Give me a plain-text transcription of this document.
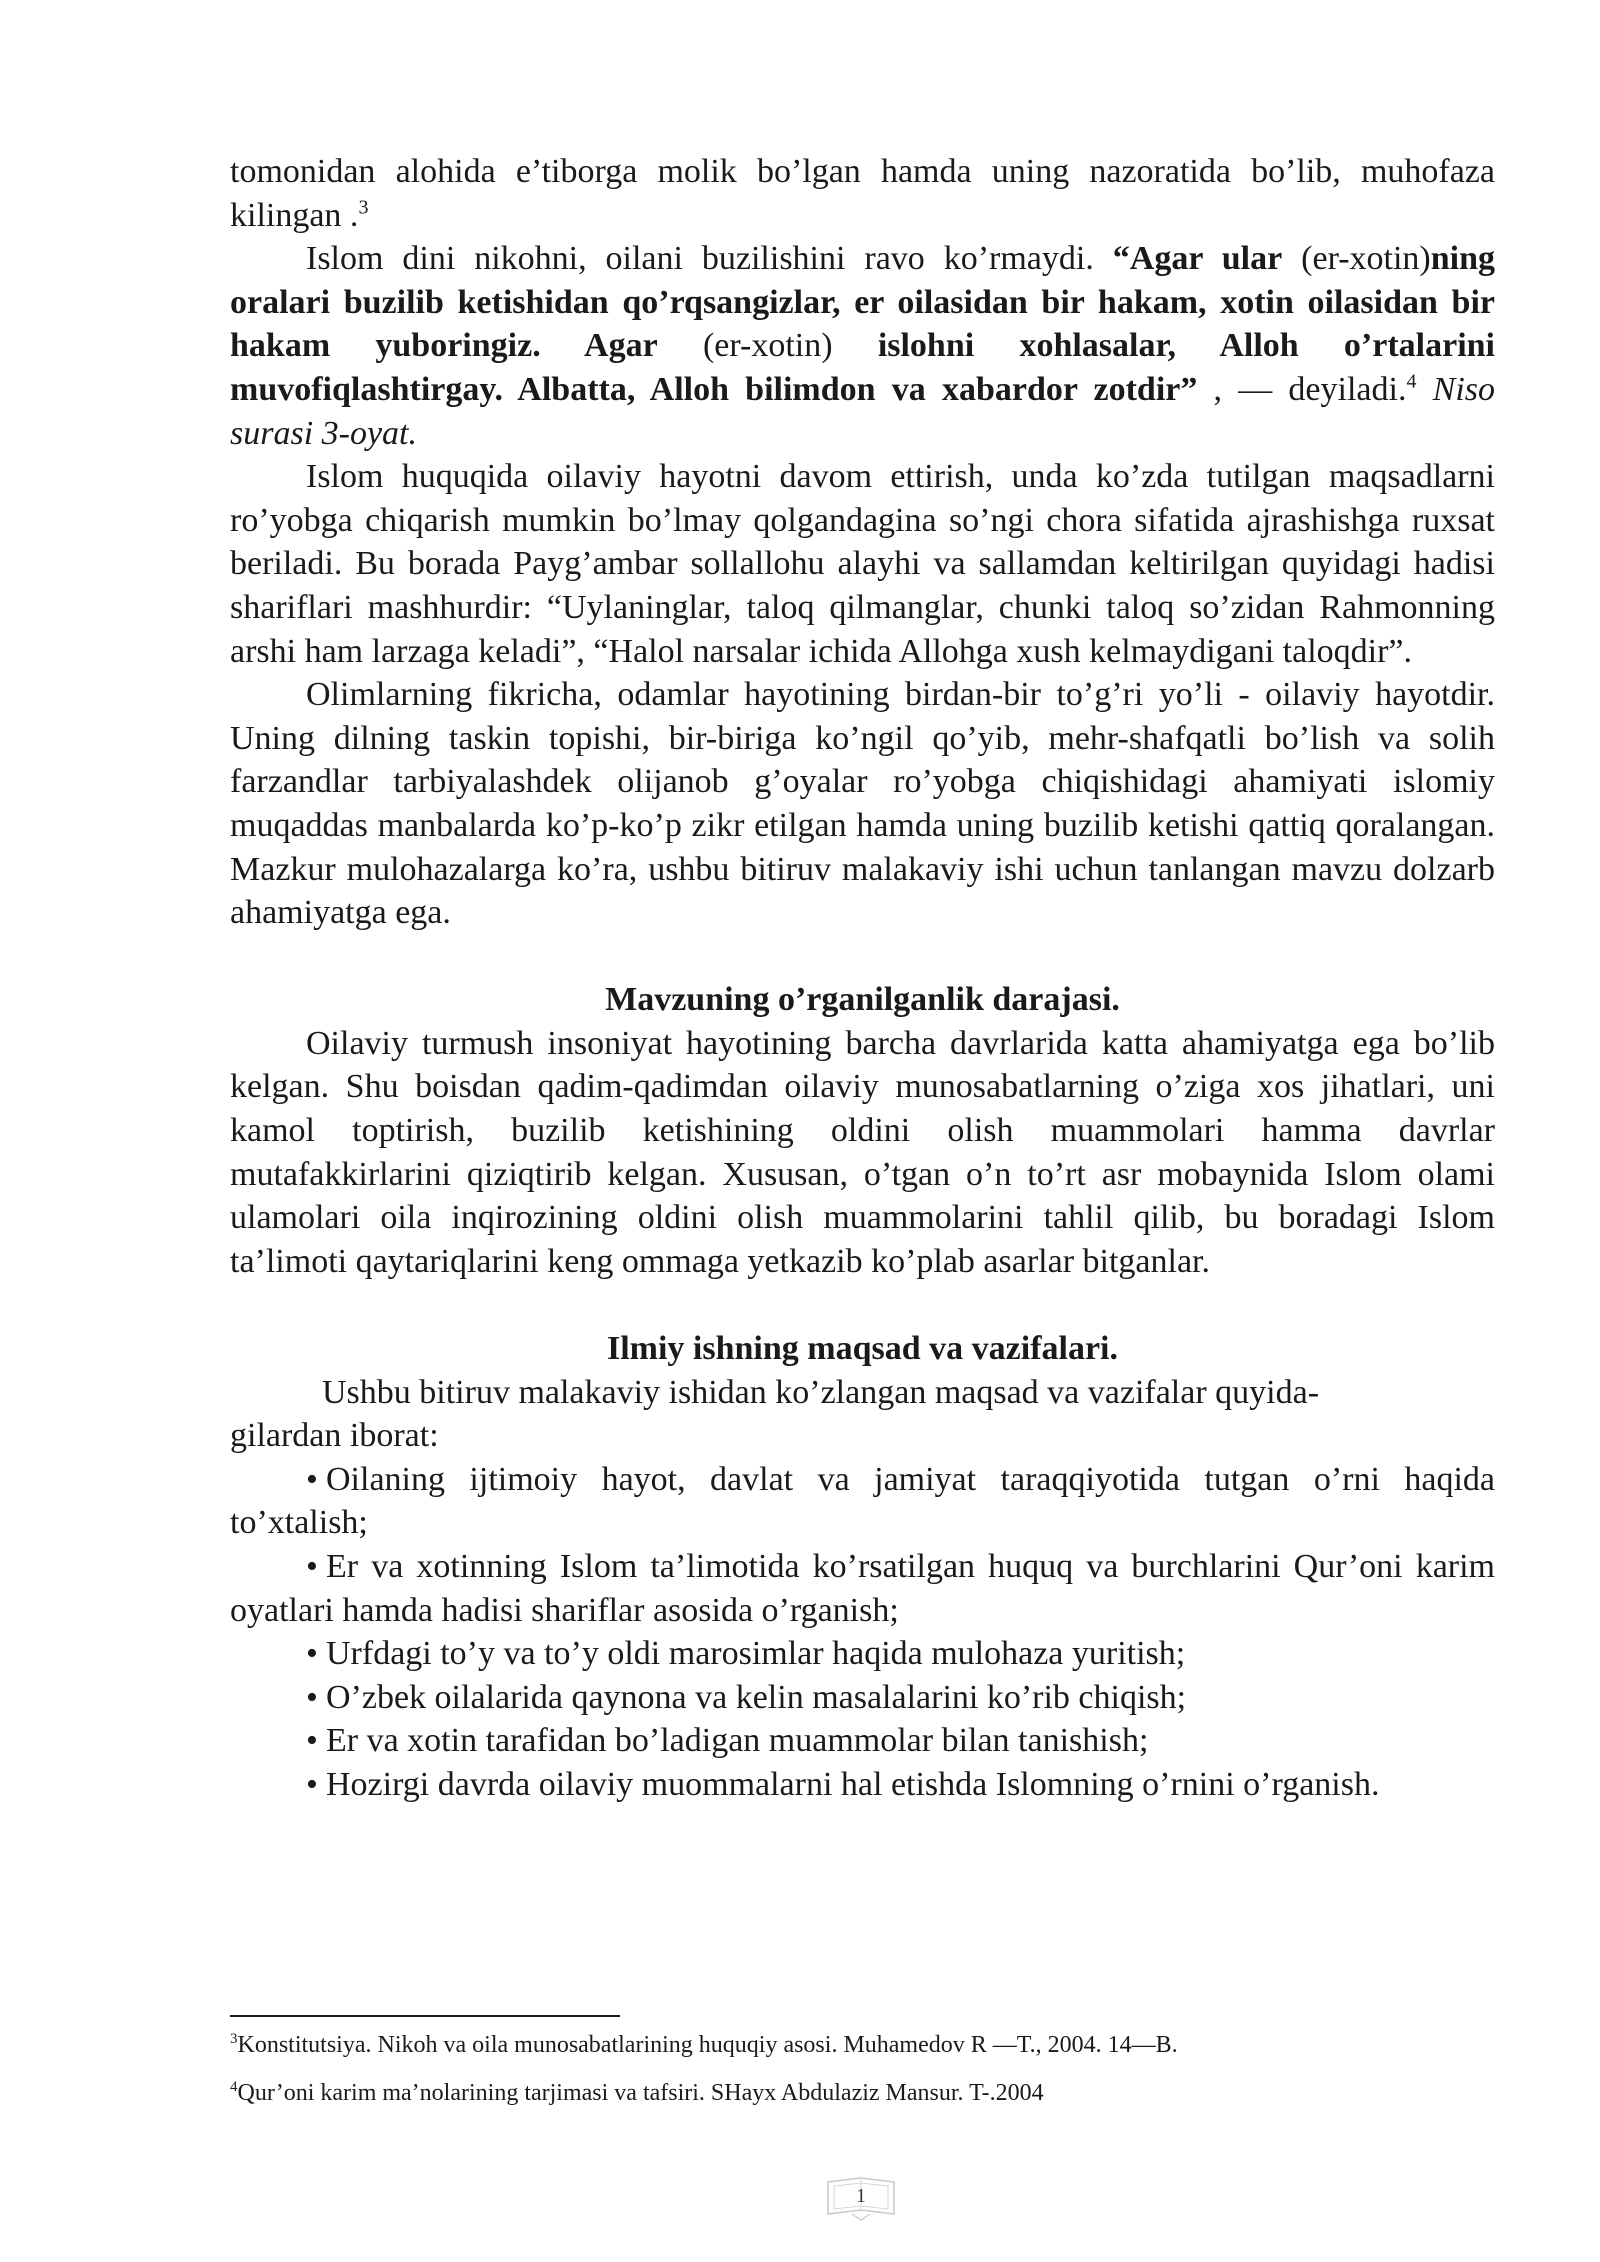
tomonidan alohida e’tiborga molik bo’lgan hamda uning nazoratida bo’lib, muhofaza kilingan .$^3$

Islom dini nikohni, oilani buzilishini ravo ko’rmaydi. “Agar ular (er-xotin)ning oralari buzilib ketishidan qo’rqsangizlar, er oilasidan bir hakam, xotin oilasidan bir hakam yuboringiz. Agar (er-xotin) islohni xohlasalar, Alloh o’rtalarini muvofiqlashtirgay. Albatta, Alloh bilimdon va xabardor zotdir” , — deyiladi.$^4$ Niso surasi 3-oyat.

Islom huquqida oilaviy hayotni davom ettirish, unda ko’zda tutilgan maqsadlarni ro’yobga chiqarish mumkin bo’lmay qolgandagina so’ngi chora sifatida ajrashishga ruxsat beriladi. Bu borada Payg’ambar sollallohu alayhi va sallamdan keltirilgan quyidagi hadisi shariflari mashhurdir: “Uylaninglar, taloq qilmanglar, chunki taloq so’zidan Rahmonning arshi ham larzaga keladi”, “Halol narsalar ichida Allohga xush kelmaydigani taloqdir”.

Olimlarning fikricha, odamlar hayotining birdan-bir to’g’ri yo’li - oilaviy hayotdir. Uning dilning taskin topishi, bir-biriga ko’ngil qo’yib, mehr-shafqatli bo’lish va solih farzandlar tarbiyalashdek olijanob g’oyalar ro’yobga chiqishidagi ahamiyati islomiy muqaddas manbalarda ko’p-ko’p zikr etilgan hamda uning buzilib ketishi qattiq qoralangan. Mazkur mulohazalarga ko’ra, ushbu bitiruv malakaviy ishi uchun tanlangan mavzu dolzarb ahamiyatga ega.

Mavzuning o’rganilganlik darajasi.

Oilaviy turmush insoniyat hayotining barcha davrlarida katta ahamiyatga ega bo’lib kelgan. Shu boisdan qadim-qadimdan oilaviy munosabatlarning o’ziga xos jihatlari, uni kamol toptirish, buzilib ketishining oldini olish muammolari hamma davrlar mutafakkirlarini qiziqtirib kelgan. Xususan, o’tgan o’n to’rt asr mobaynida Islom olami ulamolari oila inqirozining oldini olish muammolarini tahlil qilib, bu boradagi Islom ta’limoti qaytariqlarini keng ommaga yetkazib ko’plab asarlar bitganlar.

Ilmiy ishning maqsad va vazifalari.

Ushbu bitiruv malakaviy ishidan ko’zlangan maqsad va vazifalar quyida-
gilardan iborat:

• Oilaning ijtimoiy hayot, davlat va jamiyat taraqqiyotida tutgan o’rni haqida to’xtalish;

• Er va xotinning Islom ta’limotida ko’rsatilgan huquq va burchlarini Qur’oni karim oyatlari hamda hadisi shariflar asosida o’rganish;

• Urfdagi to’y va to’y oldi marosimlar haqida mulohaza yuritish;

• O’zbek oilalarida qaynona va kelin masalalarini ko’rib chiqish;

• Er va xotin tarafidan bo’ladigan muammolar bilan tanishish;

• Hozirgi davrda oilaviy muommalarni hal etishda Islomning o’rnini o’rganish.

$^3$Konstitutsiya. Nikoh va oila munosabatlarining huquqiy asosi. Muhamedov R —T., 2004. 14—B.

$^4$Qur’oni karim ma’nolarining tarjimasi va tafsiri. SHayx Abdulaziz Mansur. T-.2004

1
